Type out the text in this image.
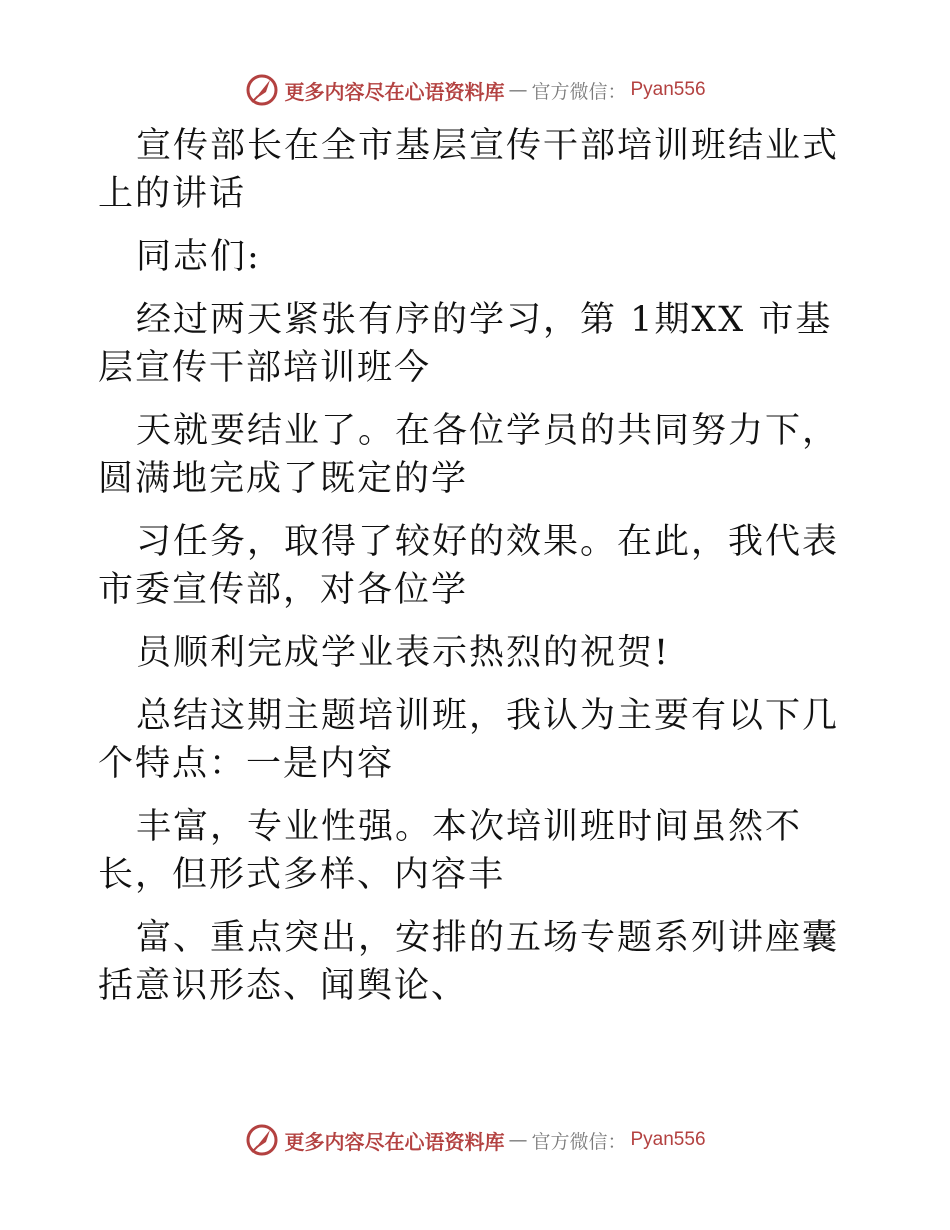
更多内容尽在心语资料库 — 官方微信： Pyan556

宣传部长在全市基层宣传干部培训班结业式上的讲话

同志们:

经过两天紧张有序的学习，第 1期XX 市基层宣传干部培训班今

天就要结业了。在各位学员的共同努力下，圆满地完成了既定的学

习任务，取得了较好的效果。在此，我代表市委宣传部，对各位学

员顺利完成学业表示热烈的祝贺!

总结这期主题培训班，我认为主要有以下几个特点：一是内容

丰富，专业性强。本次培训班时间虽然不长，但形式多样、内容丰

富、重点突出，安排的五场专题系列讲座囊括意识形态、闻舆论、

更多内容尽在心语资料库 — 官方微信： Pyan556
